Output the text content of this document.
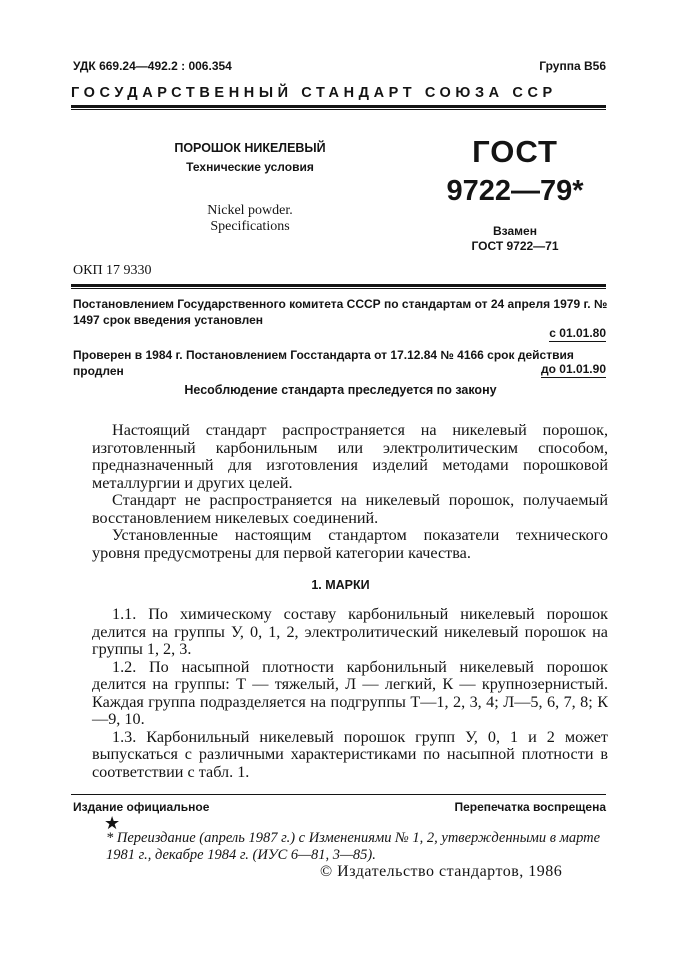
УДК 669.24—492.2 : 006.354	Группа В56
ГОСУДАРСТВЕННЫЙ СТАНДАРТ СОЮЗА ССР
ПОРОШОК НИКЕЛЕВЫЙ
Технические условия
Nickel powder.
Specifications
ГОСТ
9722—79*
Взамен
ГОСТ 9722—71
ОКП 17 9330
Постановлением Государственного комитета СССР по стандартам от 24 апреля 1979 г. № 1497 срок введения установлен
с 01.01.80
Проверен в 1984 г. Постановлением Госстандарта от 17.12.84 № 4166 срок действия продлен	до 01.01.90
Несоблюдение стандарта преследуется по закону

Настоящий стандарт распространяется на никелевый порошок, изготовленный карбонильным или электролитическим способом, предназначенный для изготовления изделий методами порошковой металлургии и других целей.

Стандарт не распространяется на никелевый порошок, получаемый восстановлением никелевых соединений.

Установленные настоящим стандартом показатели технического уровня предусмотрены для первой категории качества.

1. МАРКИ

1.1. По химическому составу карбонильный никелевый порошок делится на группы У, 0, 1, 2, электролитический никелевый порошок на группы 1, 2, 3.

1.2. По насыпной плотности карбонильный никелевый порошок делится на группы: Т — тяжелый, Л — легкий, К — крупнозернистый. Каждая группа подразделяется на подгруппы Т—1, 2, 3, 4; Л—5, 6, 7, 8; К—9, 10.

1.3. Карбонильный никелевый порошок групп У, 0, 1 и 2 может выпускаться с различными характеристиками по насыпной плотности в соответствии с табл. 1.

Издание официальное	Перепечатка воспрещена
★
* Переиздание (апрель 1987 г.) с Изменениями № 1, 2, утвержденными в марте 1981 г., декабре 1984 г. (ИУС 6—81, 3—85).
© Издательство стандартов, 1986
